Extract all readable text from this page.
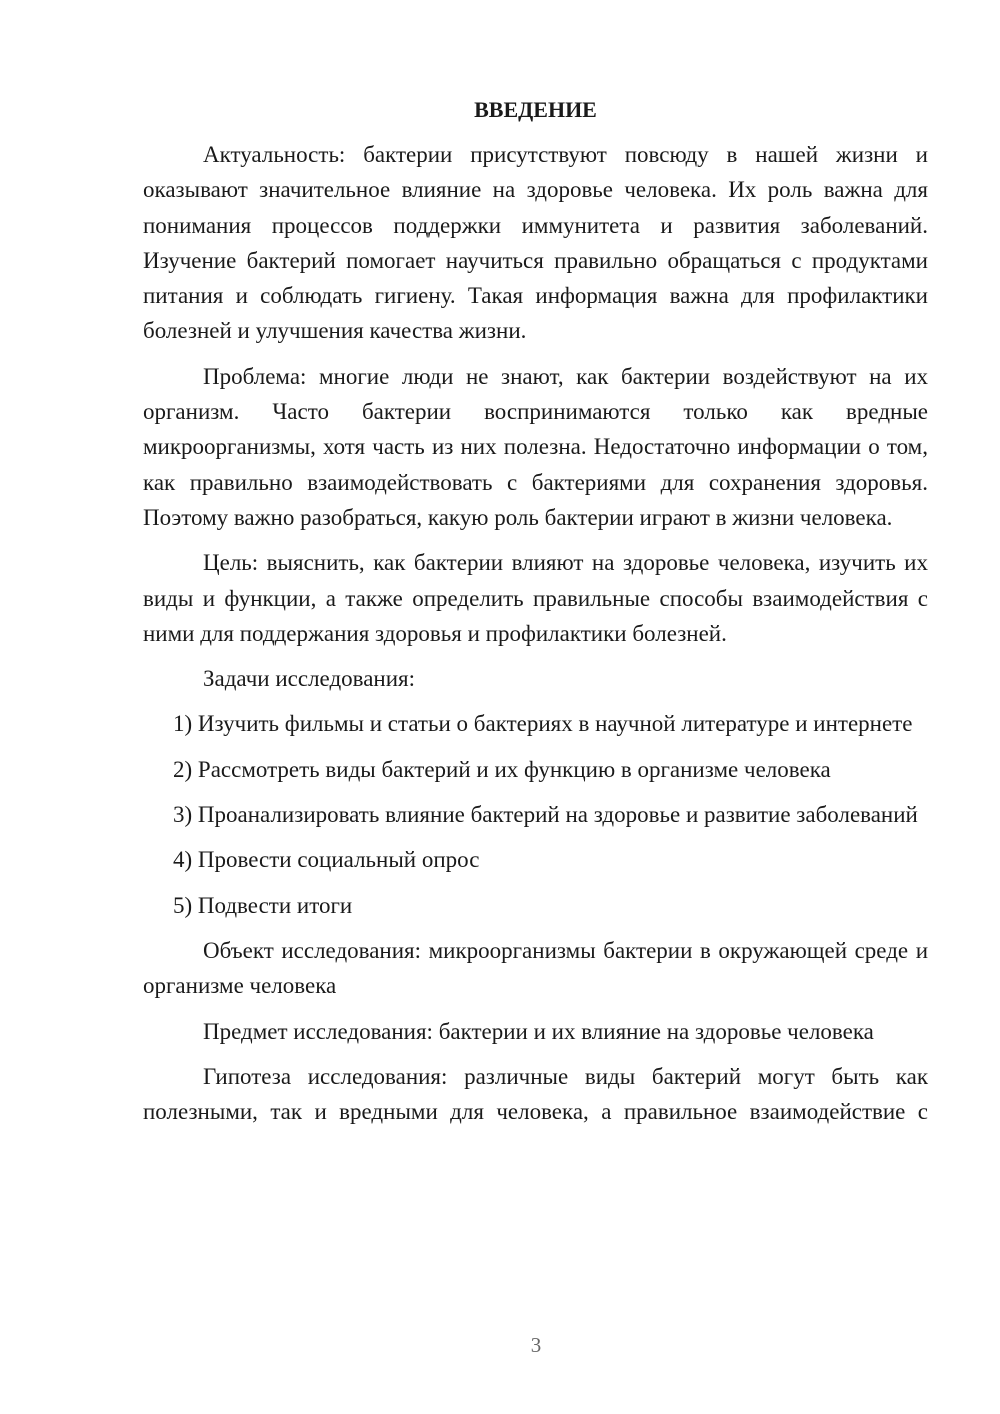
ВВЕДЕНИЕ

Актуальность: бактерии присутствуют повсюду в нашей жизни и оказывают значительное влияние на здоровье человека. Их роль важна для понимания процессов поддержки иммунитета и развития заболеваний. Изучение бактерий помогает научиться правильно обращаться с продуктами питания и соблюдать гигиену. Такая информация важна для профилактики болезней и улучшения качества жизни.

Проблема: многие люди не знают, как бактерии воздействуют на их организм. Часто бактерии воспринимаются только как вредные микроорганизмы, хотя часть из них полезна. Недостаточно информации о том, как правильно взаимодействовать с бактериями для сохранения здоровья. Поэтому важно разобраться, какую роль бактерии играют в жизни человека.

Цель: выяснить, как бактерии влияют на здоровье человека, изучить их виды и функции, а также определить правильные способы взаимодействия с ними для поддержания здоровья и профилактики болезней.

Задачи исследования:

1) Изучить фильмы и статьи о бактериях в научной литературе и интернете

2) Рассмотреть виды бактерий и их функцию в организме человека

3) Проанализировать влияние бактерий на здоровье и развитие заболеваний

4) Провести социальный опрос

5) Подвести итоги

Объект исследования: микроорганизмы бактерии в окружающей среде и организме человека

Предмет исследования: бактерии и их влияние на здоровье человека

Гипотеза исследования: различные виды бактерий могут быть как полезными, так и вредными для человека, а правильное взаимодействие с

3
